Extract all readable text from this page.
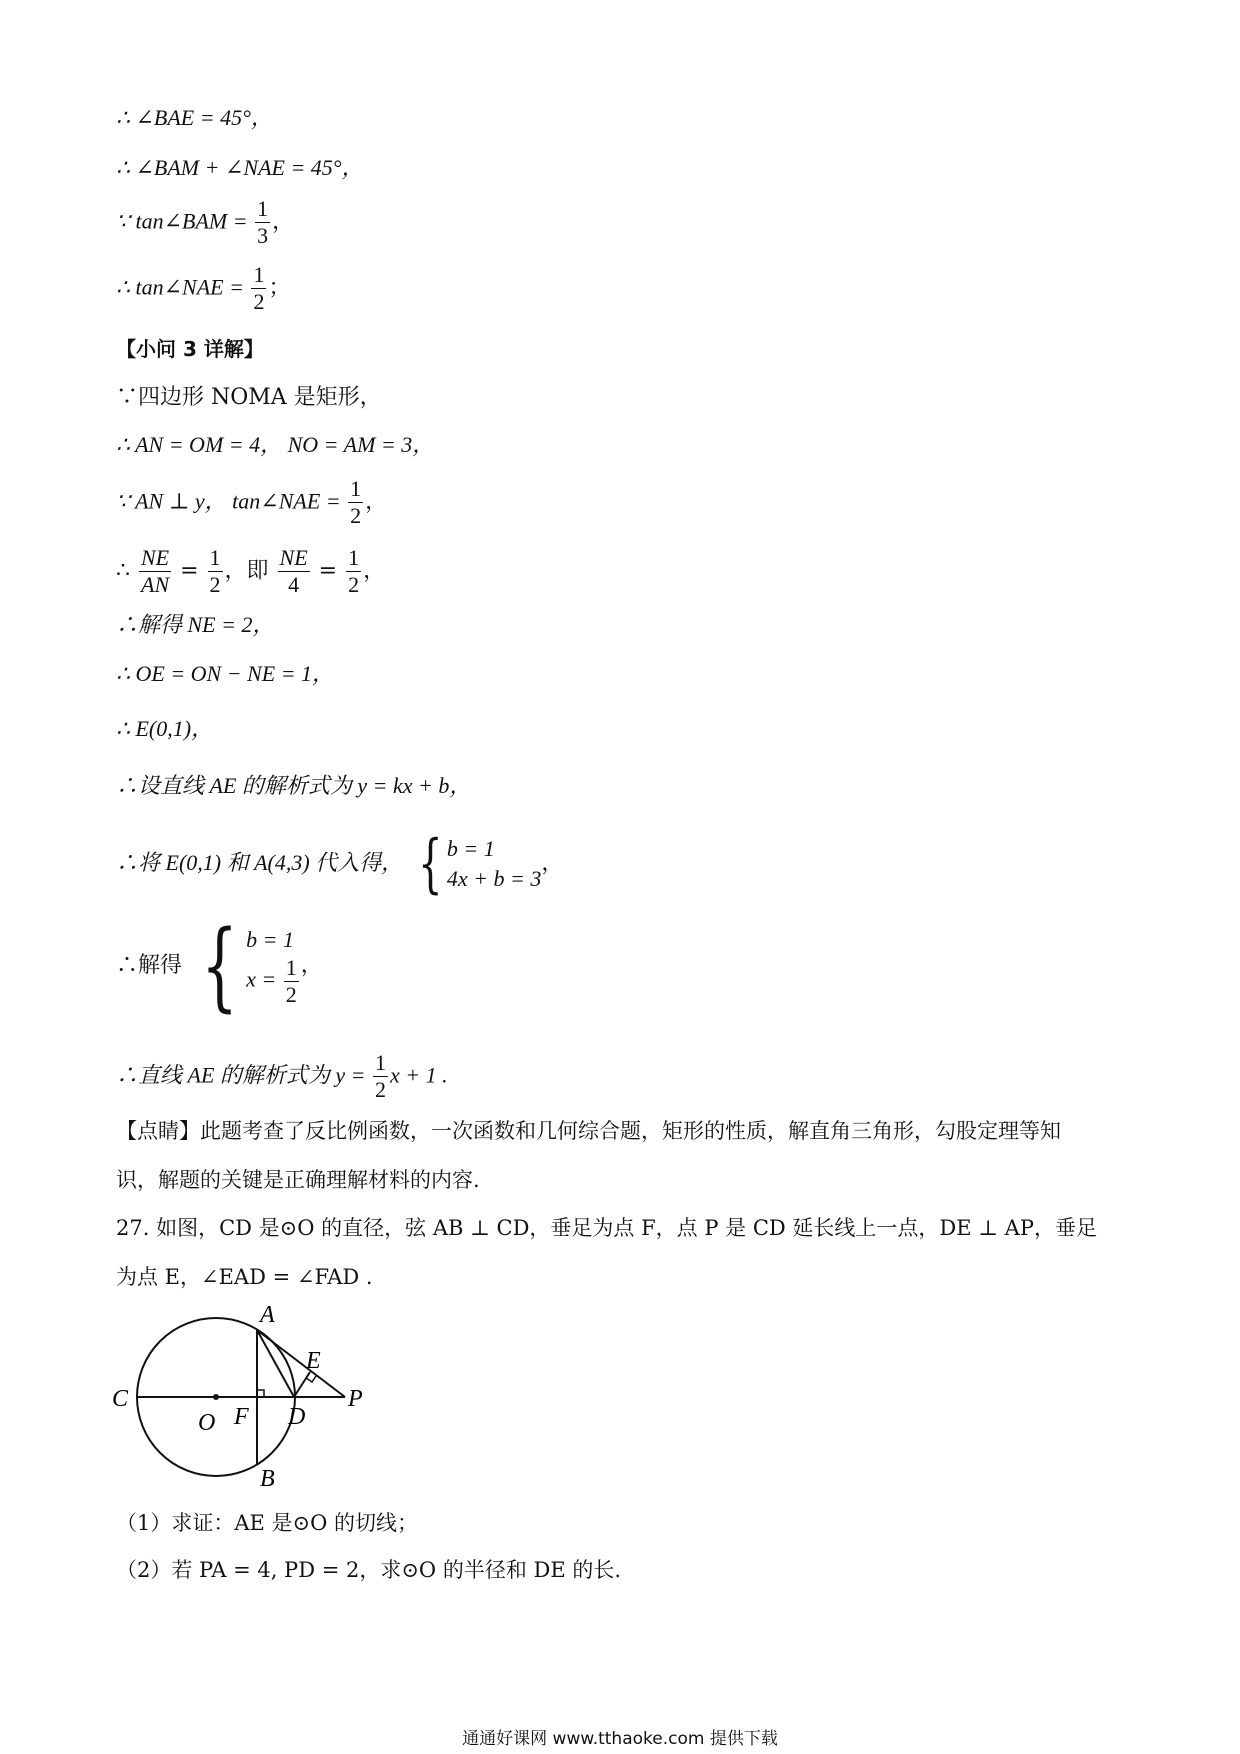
∴ ∠BAE = 45°，
∴ ∠BAM + ∠NAE = 45°，
∵ tan∠BAM = $\frac{1}{3}$ ，
∴ tan∠NAE = $\frac{1}{2}$ ；
【小问 3 详解】
∵四边形 NOMA 是矩形，
∴ AN = OM = 4， NO = AM = 3，
∵ AN ⊥ y， tan∠NAE = $\frac{1}{2}$ ，
∴ $\frac{NE}{AN} = \frac{1}{2}$ ，即 $\frac{NE}{4} = \frac{1}{2}$ ，
∴解得 NE = 2，
∴ OE = ON − NE = 1，
∴ E(0,1)，
∴设直线 AE 的解析式为 y = kx + b，
∴将 E(0,1) 和 A(4,3) 代入得， { b = 1
4x + b = 3
，
∴解得 { b = 1
$x = \frac{1}{2}$ ，
∴直线 AE 的解析式为 $y = \frac{1}{2}$ x + 1 .
【点睛】此题考查了反比例函数，一次函数和几何综合题，矩形的性质，解直角三角形，勾股定理等知
识，解题的关键是正确理解材料的内容.
27. 如图，CD 是⊙O 的直径，弦 AB ⊥ CD，垂足为点 F，点 P 是 CD 延长线上一点，DE ⊥ AP，垂足
为点 E，∠EAD = ∠FAD .
A
B
C
D
E
F
O
P
（1）求证：AE 是⊙O 的切线；
（2）若 PA = 4, PD = 2，求⊙O 的半径和 DE 的长.
通通好课网 www.tthaoke.com 提供下载
